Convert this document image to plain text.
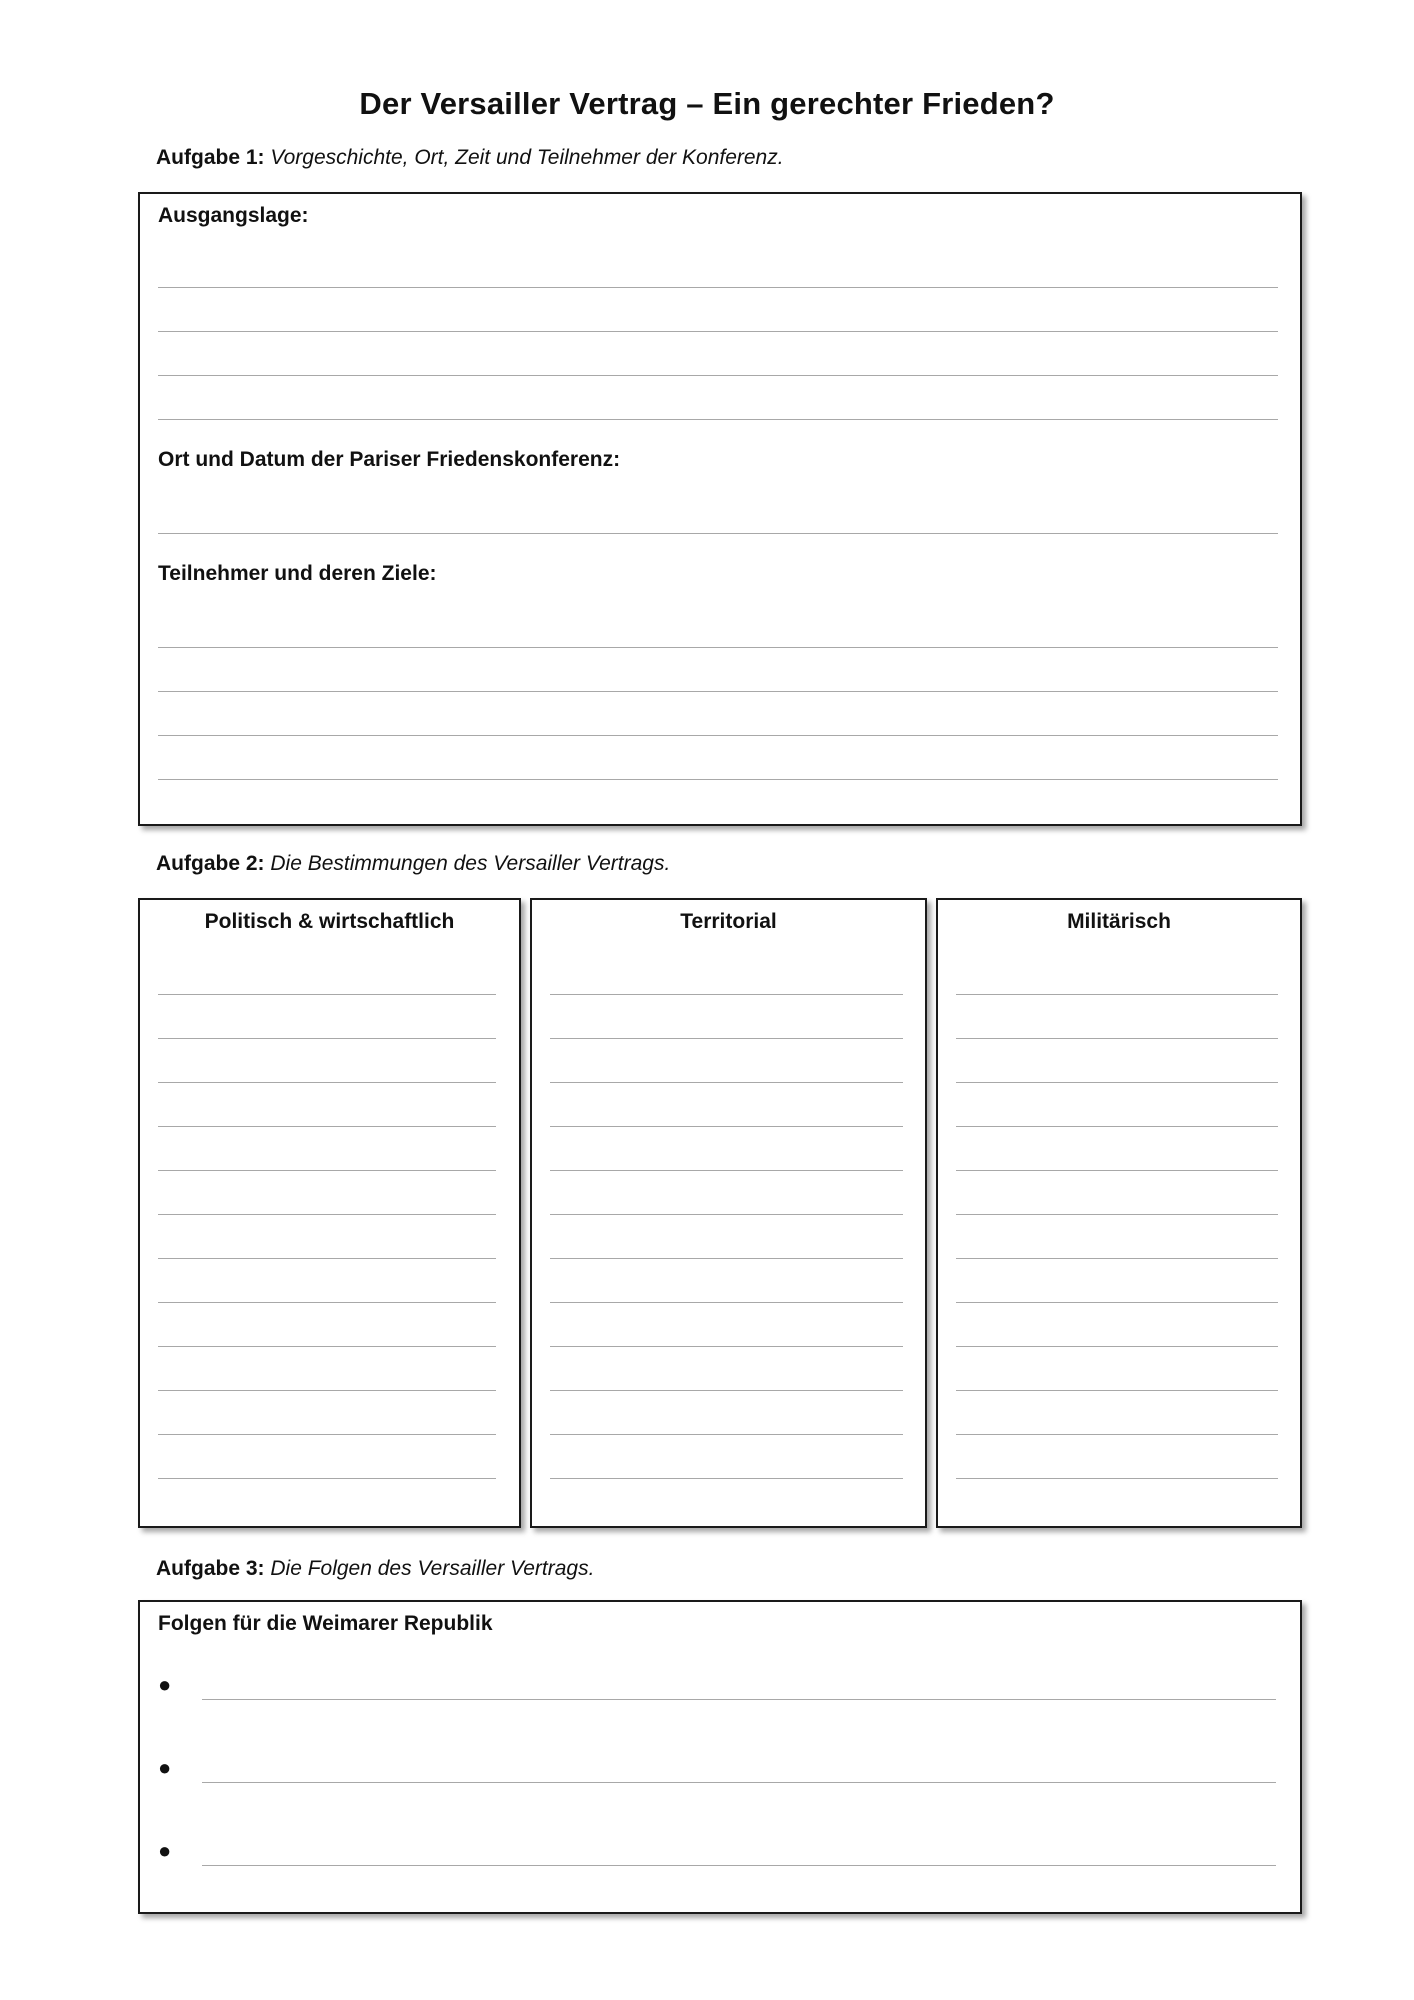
Der Versailler Vertrag – Ein gerechter Frieden?
Aufgabe 1: Vorgeschichte, Ort, Zeit und Teilnehmer der Konferenz.
Ausgangslage:
Ort und Datum der Pariser Friedenskonferenz:
Teilnehmer und deren Ziele:
Aufgabe 2: Die Bestimmungen des Versailler Vertrags.
Politisch & wirtschaftlich	Territorial	Militärisch
Aufgabe 3: Die Folgen des Versailler Vertrags.
Folgen für die Weimarer Republik
●
●
●
